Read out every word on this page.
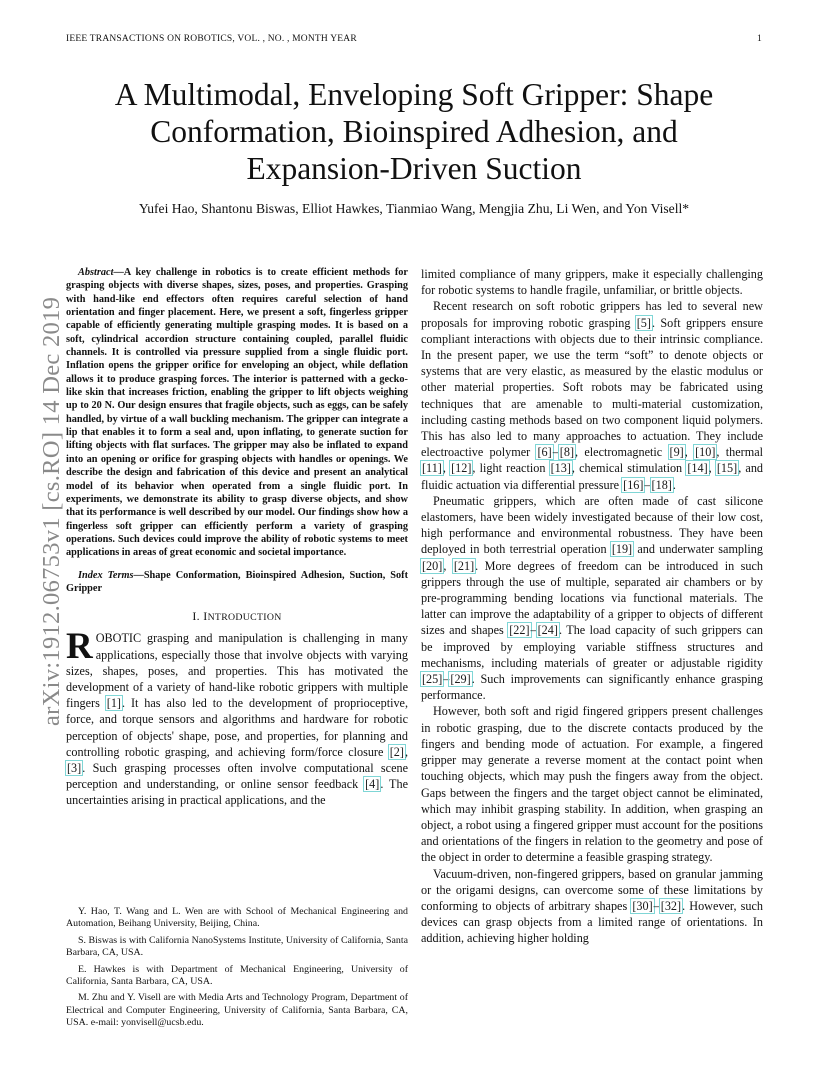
IEEE TRANSACTIONS ON ROBOTICS, VOL. , NO. , MONTH YEAR	1
arXiv:1912.06753v1 [cs.RO] 14 Dec 2019
A Multimodal, Enveloping Soft Gripper: Shape
Conformation, Bioinspired Adhesion, and
Expansion-Driven Suction
Yufei Hao, Shantonu Biswas, Elliot Hawkes, Tianmiao Wang, Mengjia Zhu, Li Wen, and Yon Visell*

Abstract—A key challenge in robotics is to create efficient methods for grasping objects with diverse shapes, sizes, poses, and properties. Grasping with hand-like end effectors often requires careful selection of hand orientation and finger placement. Here, we present a soft, fingerless gripper capable of efficiently generating multiple grasping modes. It is based on a soft, cylindrical accordion structure containing coupled, parallel fluidic channels. It is controlled via pressure supplied from a single fluidic port. Inflation opens the gripper orifice for enveloping an object, while deflation allows it to produce grasping forces. The interior is patterned with a gecko-like skin that increases friction, enabling the gripper to lift objects weighing up to 20 N. Our design ensures that fragile objects, such as eggs, can be safely handled, by virtue of a wall buckling mechanism. The gripper can integrate a lip that enables it to form a seal and, upon inflating, to generate suction for lifting objects with flat surfaces. The gripper may also be inflated to expand into an opening or orifice for grasping objects with handles or openings. We describe the design and fabrication of this device and present an analytical model of its behavior when operated from a single fluidic port. In experiments, we demonstrate its ability to grasp diverse objects, and show that its performance is well described by our model. Our findings show how a fingerless soft gripper can efficiently perform a variety of grasping operations. Such devices could improve the ability of robotic systems to meet applications in areas of great economic and societal importance.

Index Terms—Shape Conformation, Bioinspired Adhesion, Suction, Soft Gripper

I. INTRODUCTION

ROBOTIC grasping and manipulation is challenging in many applications, especially those that involve objects with varying sizes, shapes, poses, and properties. This has motivated the development of a variety of hand-like robotic grippers with multiple fingers [1]. It has also led to the development of proprioceptive, force, and torque sensors and algorithms and hardware for robotic perception of objects' shape, pose, and properties, for planning and controlling robotic grasping, and achieving form/force closure [2], [3]. Such grasping processes often involve computational scene perception and understanding, or online sensor feedback [4]. The uncertainties arising in practical applications, and the

Y. Hao, T. Wang and L. Wen are with School of Mechanical Engineering and Automation, Beihang University, Beijing, China.

S. Biswas is with California NanoSystems Institute, University of California, Santa Barbara, CA, USA.

E. Hawkes is with Department of Mechanical Engineering, University of California, Santa Barbara, CA, USA.

M. Zhu and Y. Visell are with Media Arts and Technology Program, Department of Electrical and Computer Engineering, University of California, Santa Barbara, CA, USA. e-mail: yonvisell@ucsb.edu.

limited compliance of many grippers, make it especially challenging for robotic systems to handle fragile, unfamiliar, or brittle objects.

Recent research on soft robotic grippers has led to several new proposals for improving robotic grasping [5]. Soft grippers ensure compliant interactions with objects due to their intrinsic compliance. In the present paper, we use the term “soft” to denote objects or systems that are very elastic, as measured by the elastic modulus or other material properties. Soft robots may be fabricated using techniques that are amenable to multi-material customization, including casting methods based on two component liquid polymers. This has also led to many approaches to actuation. They include electroactive polymer [6]–[8], electromagnetic [9], [10], thermal [11], [12], light reaction [13], chemical stimulation [14], [15], and fluidic actuation via differential pressure [16]–[18].

Pneumatic grippers, which are often made of cast silicone elastomers, have been widely investigated because of their low cost, high performance and environmental robustness. They have been deployed in both terrestrial operation [19] and underwater sampling [20], [21]. More degrees of freedom can be introduced in such grippers through the use of multiple, separated air chambers or by pre-programming bending locations via functional materials. The latter can improve the adaptability of a gripper to objects of different sizes and shapes [22]–[24]. The load capacity of such grippers can be improved by employing variable stiffness structures and mechanisms, including materials of greater or adjustable rigidity [25]–[29]. Such improvements can significantly enhance grasping performance.

However, both soft and rigid fingered grippers present challenges in robotic grasping, due to the discrete contacts produced by the fingers and bending mode of actuation. For example, a fingered gripper may generate a reverse moment at the contact point when touching objects, which may push the fingers away from the object. Gaps between the fingers and the target object cannot be eliminated, which may inhibit grasping stability. In addition, when grasping an object, a robot using a fingered gripper must account for the positions and orientations of the fingers in relation to the geometry and pose of the object in order to determine a feasible grasping strategy.

Vacuum-driven, non-fingered grippers, based on granular jamming or the origami designs, can overcome some of these limitations by conforming to objects of arbitrary shapes [30]–[32]. However, such devices can grasp objects from a limited range of orientations. In addition, achieving higher holding
